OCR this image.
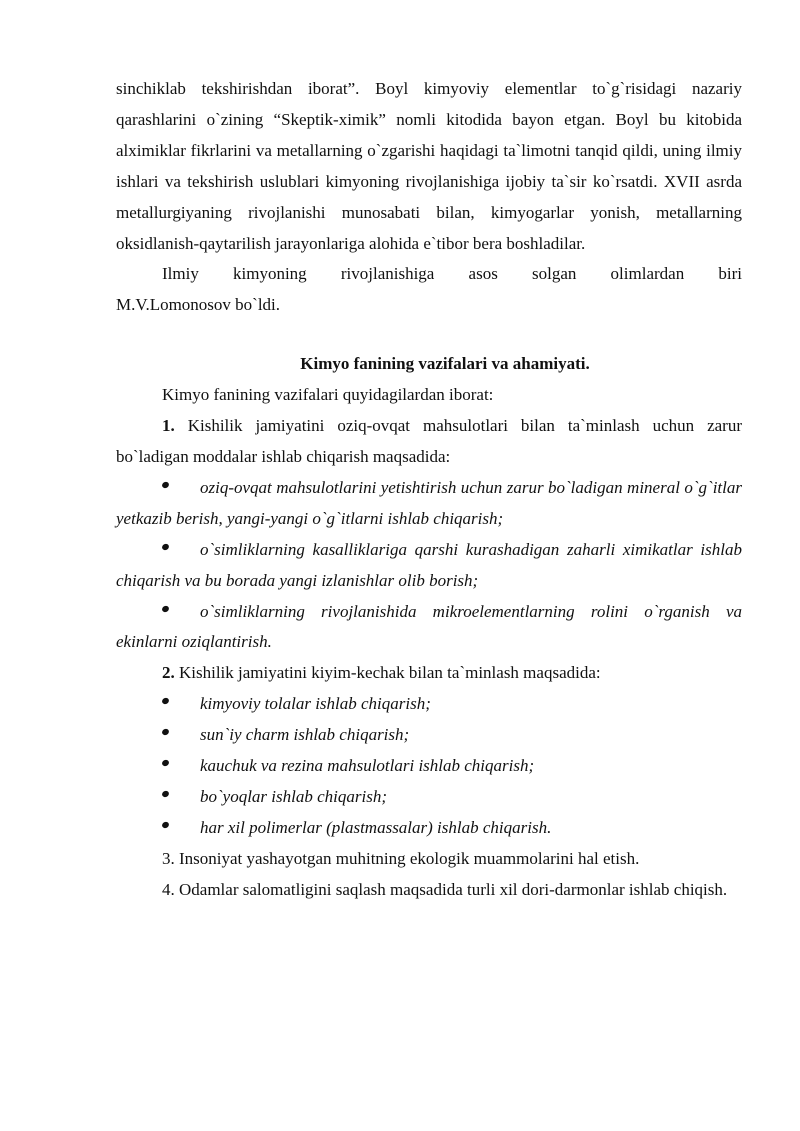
sinchiklab tekshirishdan iborat”. Boyl kimyoviy elementlar to`g`risidagi nazariy qarashlarini o`zining “Skeptik-ximik” nomli kitodida bayon etgan. Boyl bu kitobida alximiklar fikrlarini va metallarning o`zgarishi haqidagi ta`limotni tanqid qildi, uning ilmiy ishlari va tekshirish uslublari kimyoning rivojlanishiga ijobiy ta`sir ko`rsatdi. XVII asrda metallurgiyaning rivojlanishi munosabati bilan, kimyogarlar yonish, metallarning oksidlanish-qaytarilish jarayonlariga alohida e`tibor bera boshladilar.

Ilmiy kimyoning rivojlanishiga asos solgan olimlardan biri

M.V.Lomonosov bo`ldi.

Kimyo fanining vazifalari va ahamiyati.

Kimyo fanining vazifalari quyidagilardan iborat:

1. Kishilik jamiyatini oziq-ovqat mahsulotlari bilan ta`minlash uchun zarur bo`ladigan moddalar ishlab chiqarish maqsadida:

oziq-ovqat mahsulotlarini yetishtirish uchun zarur bo`ladigan mineral o`g`itlar yetkazib berish, yangi-yangi o`g`itlarni ishlab chiqarish;

o`simliklarning kasalliklariga qarshi kurashadigan zaharli ximikatlar ishlab chiqarish va bu borada yangi izlanishlar olib borish;

o`simliklarning rivojlanishida mikroelementlarning rolini o`rganish va ekinlarni oziqlantirish.

2. Kishilik jamiyatini kiyim-kechak bilan ta`minlash maqsadida:

kimyoviy tolalar ishlab chiqarish;

sun`iy charm ishlab chiqarish;

kauchuk va rezina mahsulotlari ishlab chiqarish;

bo`yoqlar ishlab chiqarish;

har xil polimerlar (plastmassalar) ishlab chiqarish.

3. Insoniyat yashayotgan muhitning ekologik muammolarini hal etish.

4. Odamlar salomatligini saqlash maqsadida turli xil dori-darmonlar ishlab chiqish.
